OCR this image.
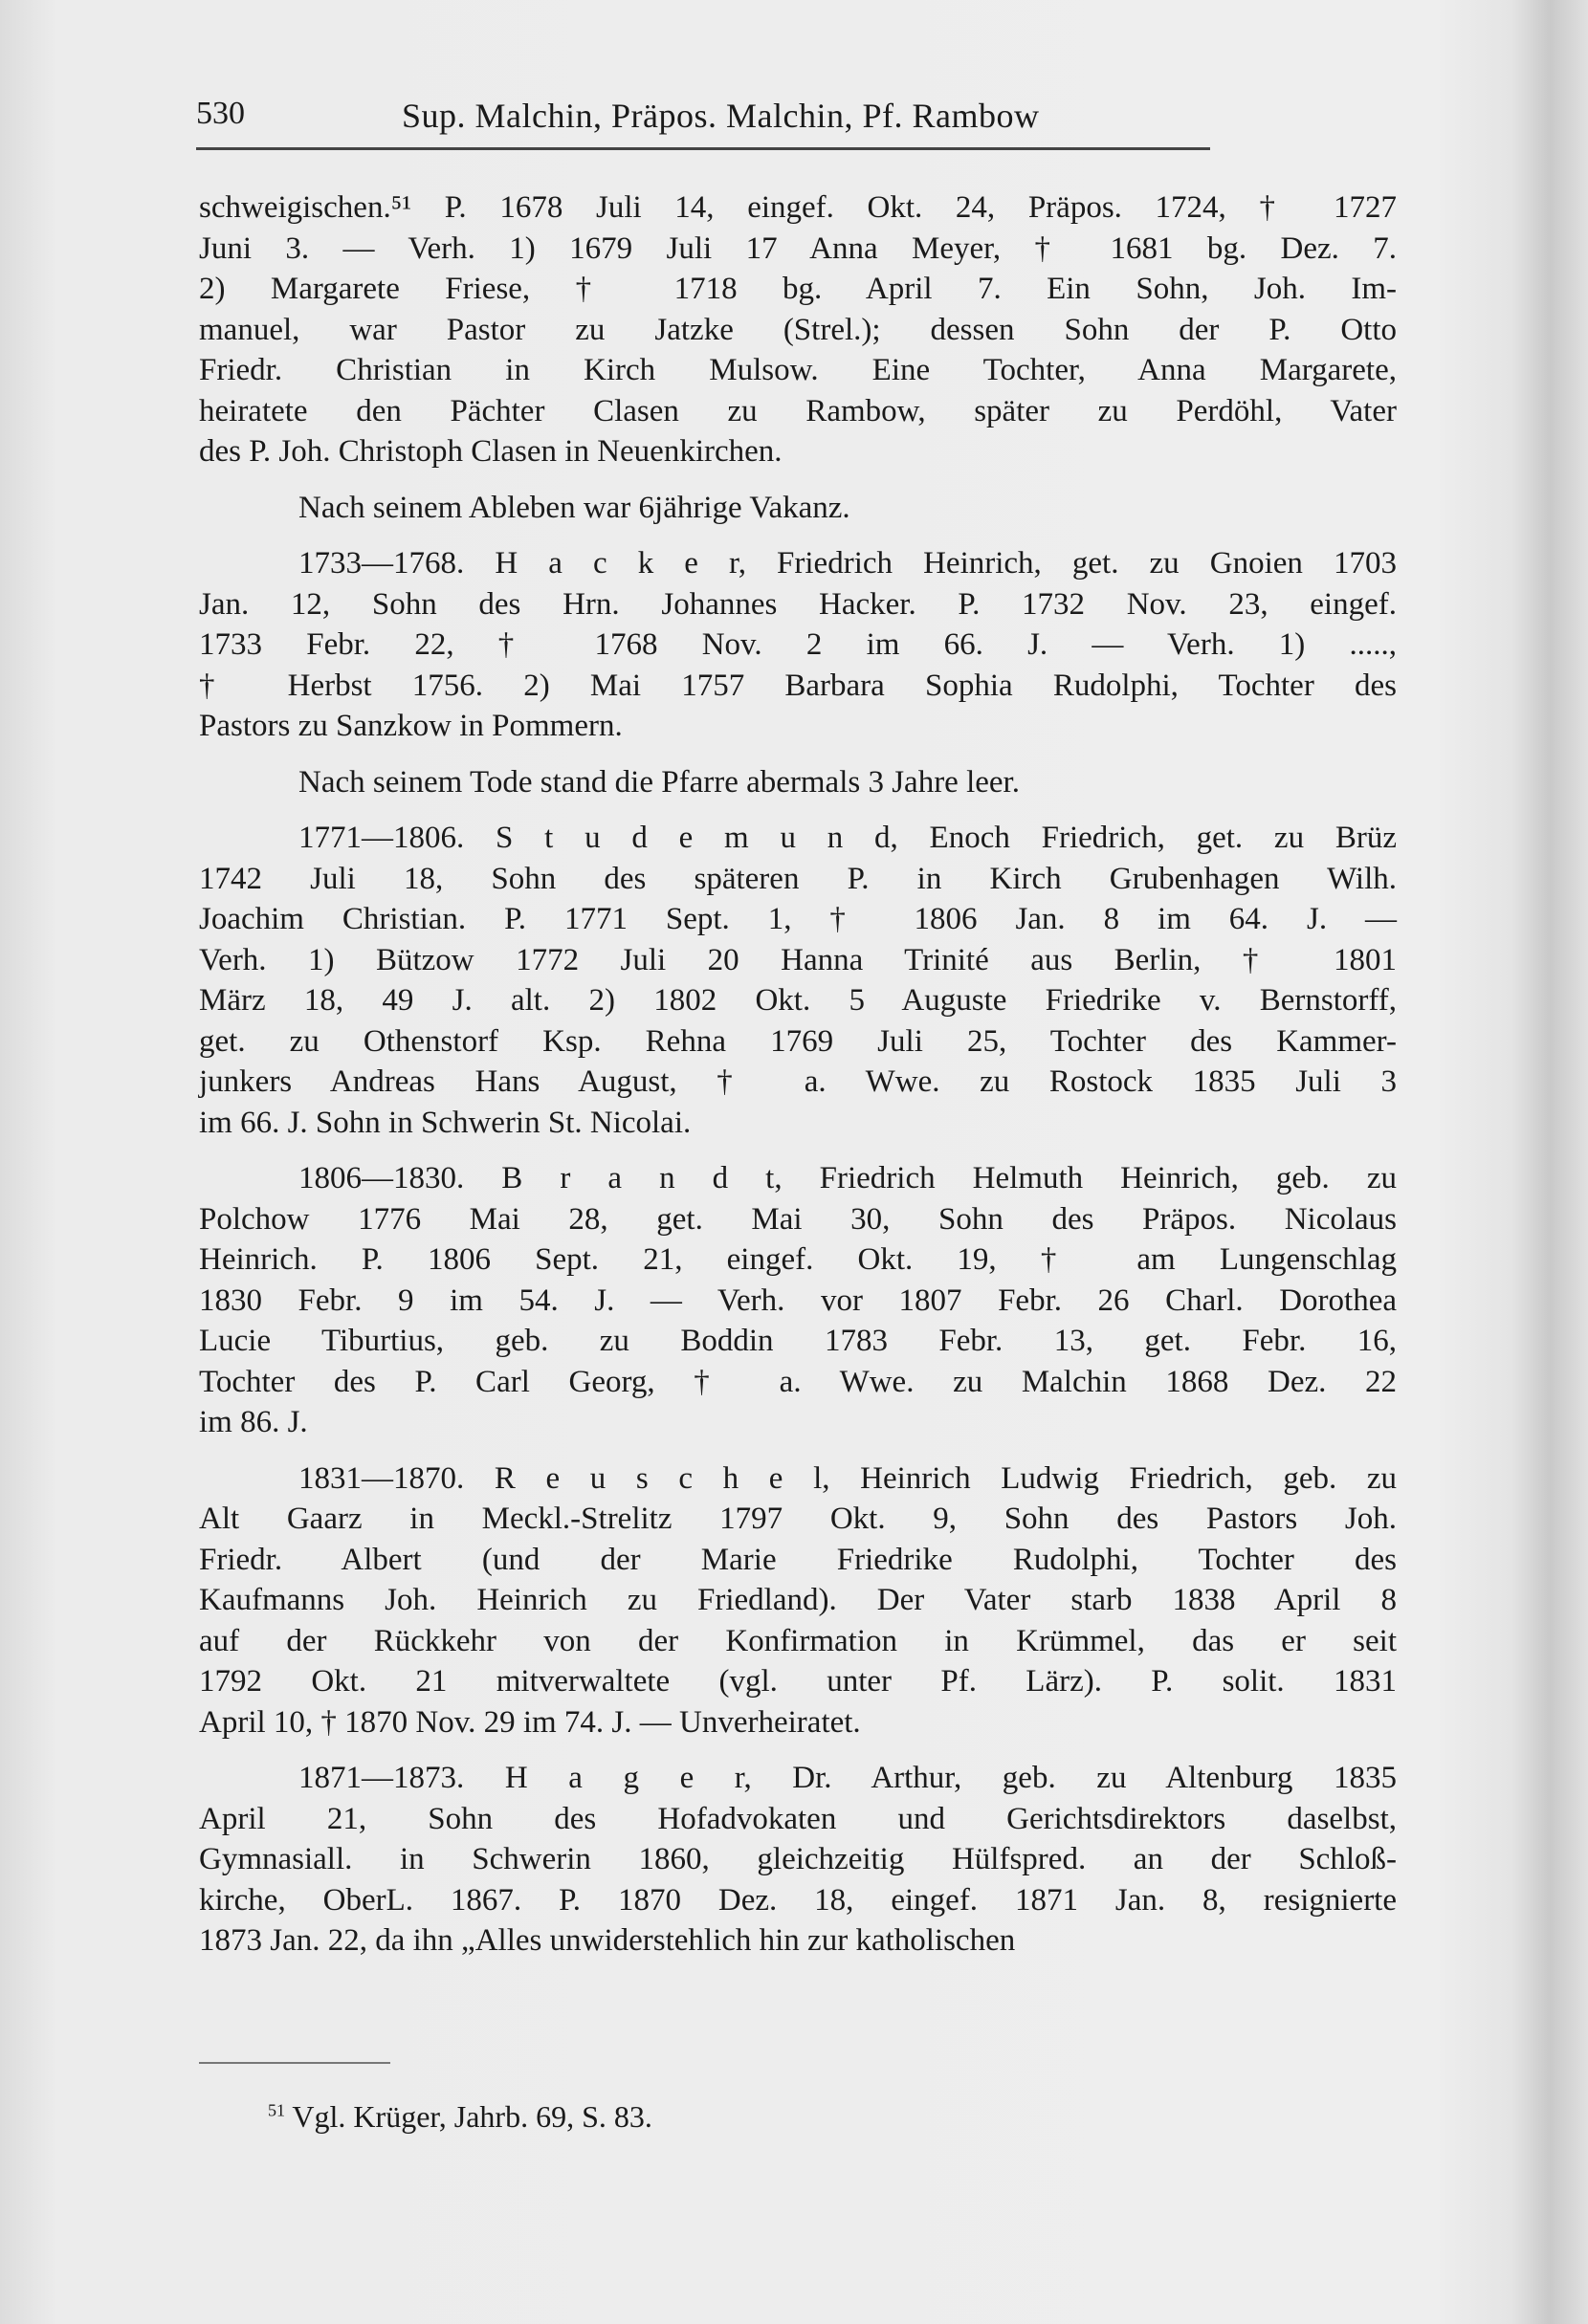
530	Sup. Malchin, Präpos. Malchin, Pf. Rambow
schweigischen.⁵¹ P. 1678 Juli 14, eingef. Okt. 24, Präpos. 1724, † 1727
Juni 3. — Verh. 1) 1679 Juli 17 Anna Meyer, † 1681 bg. Dez. 7.
2) Margarete Friese, † 1718 bg. April 7. Ein Sohn, Joh. Im-
manuel, war Pastor zu Jatzke (Strel.); dessen Sohn der P. Otto
Friedr. Christian in Kirch Mulsow. Eine Tochter, Anna Margarete,
heiratete den Pächter Clasen zu Rambow, später zu Perdöhl, Vater
des P. Joh. Christoph Clasen in Neuenkirchen.
Nach seinem Ableben war 6jährige Vakanz.
1733—1768. H a c k e r, Friedrich Heinrich, get. zu Gnoien 1703
Jan. 12, Sohn des Hrn. Johannes Hacker. P. 1732 Nov. 23, eingef.
1733 Febr. 22, † 1768 Nov. 2 im 66. J. — Verh. 1) .....,
† Herbst 1756. 2) Mai 1757 Barbara Sophia Rudolphi, Tochter des
Pastors zu Sanzkow in Pommern.
Nach seinem Tode stand die Pfarre abermals 3 Jahre leer.
1771—1806. S t u d e m u n d, Enoch Friedrich, get. zu Brüz
1742 Juli 18, Sohn des späteren P. in Kirch Grubenhagen Wilh.
Joachim Christian. P. 1771 Sept. 1, † 1806 Jan. 8 im 64. J. —
Verh. 1) Bützow 1772 Juli 20 Hanna Trinité aus Berlin, † 1801
März 18, 49 J. alt. 2) 1802 Okt. 5 Auguste Friedrike v. Bernstorff,
get. zu Othenstorf Ksp. Rehna 1769 Juli 25, Tochter des Kammer-
junkers Andreas Hans August, † a. Wwe. zu Rostock 1835 Juli 3
im 66. J. Sohn in Schwerin St. Nicolai.
1806—1830. B r a n d t, Friedrich Helmuth Heinrich, geb. zu
Polchow 1776 Mai 28, get. Mai 30, Sohn des Präpos. Nicolaus
Heinrich. P. 1806 Sept. 21, eingef. Okt. 19, † am Lungenschlag
1830 Febr. 9 im 54. J. — Verh. vor 1807 Febr. 26 Charl. Dorothea
Lucie Tiburtius, geb. zu Boddin 1783 Febr. 13, get. Febr. 16,
Tochter des P. Carl Georg, † a. Wwe. zu Malchin 1868 Dez. 22
im 86. J.
1831—1870. R e u s c h e l, Heinrich Ludwig Friedrich, geb. zu
Alt Gaarz in Meckl.-Strelitz 1797 Okt. 9, Sohn des Pastors Joh.
Friedr. Albert (und der Marie Friedrike Rudolphi, Tochter des
Kaufmanns Joh. Heinrich zu Friedland). Der Vater starb 1838 April 8
auf der Rückkehr von der Konfirmation in Krümmel, das er seit
1792 Okt. 21 mitverwaltete (vgl. unter Pf. Lärz). P. solit. 1831
April 10, † 1870 Nov. 29 im 74. J. — Unverheiratet.
1871—1873. H a g e r, Dr. Arthur, geb. zu Altenburg 1835
April 21, Sohn des Hofadvokaten und Gerichtsdirektors daselbst,
Gymnasiall. in Schwerin 1860, gleichzeitig Hülfspred. an der Schloß-
kirche, OberL. 1867. P. 1870 Dez. 18, eingef. 1871 Jan. 8, resignierte
1873 Jan. 22, da ihn „Alles unwiderstehlich hin zur katholischen
$^{51}$ Vgl. Krüger, Jahrb. 69, S. 83.
